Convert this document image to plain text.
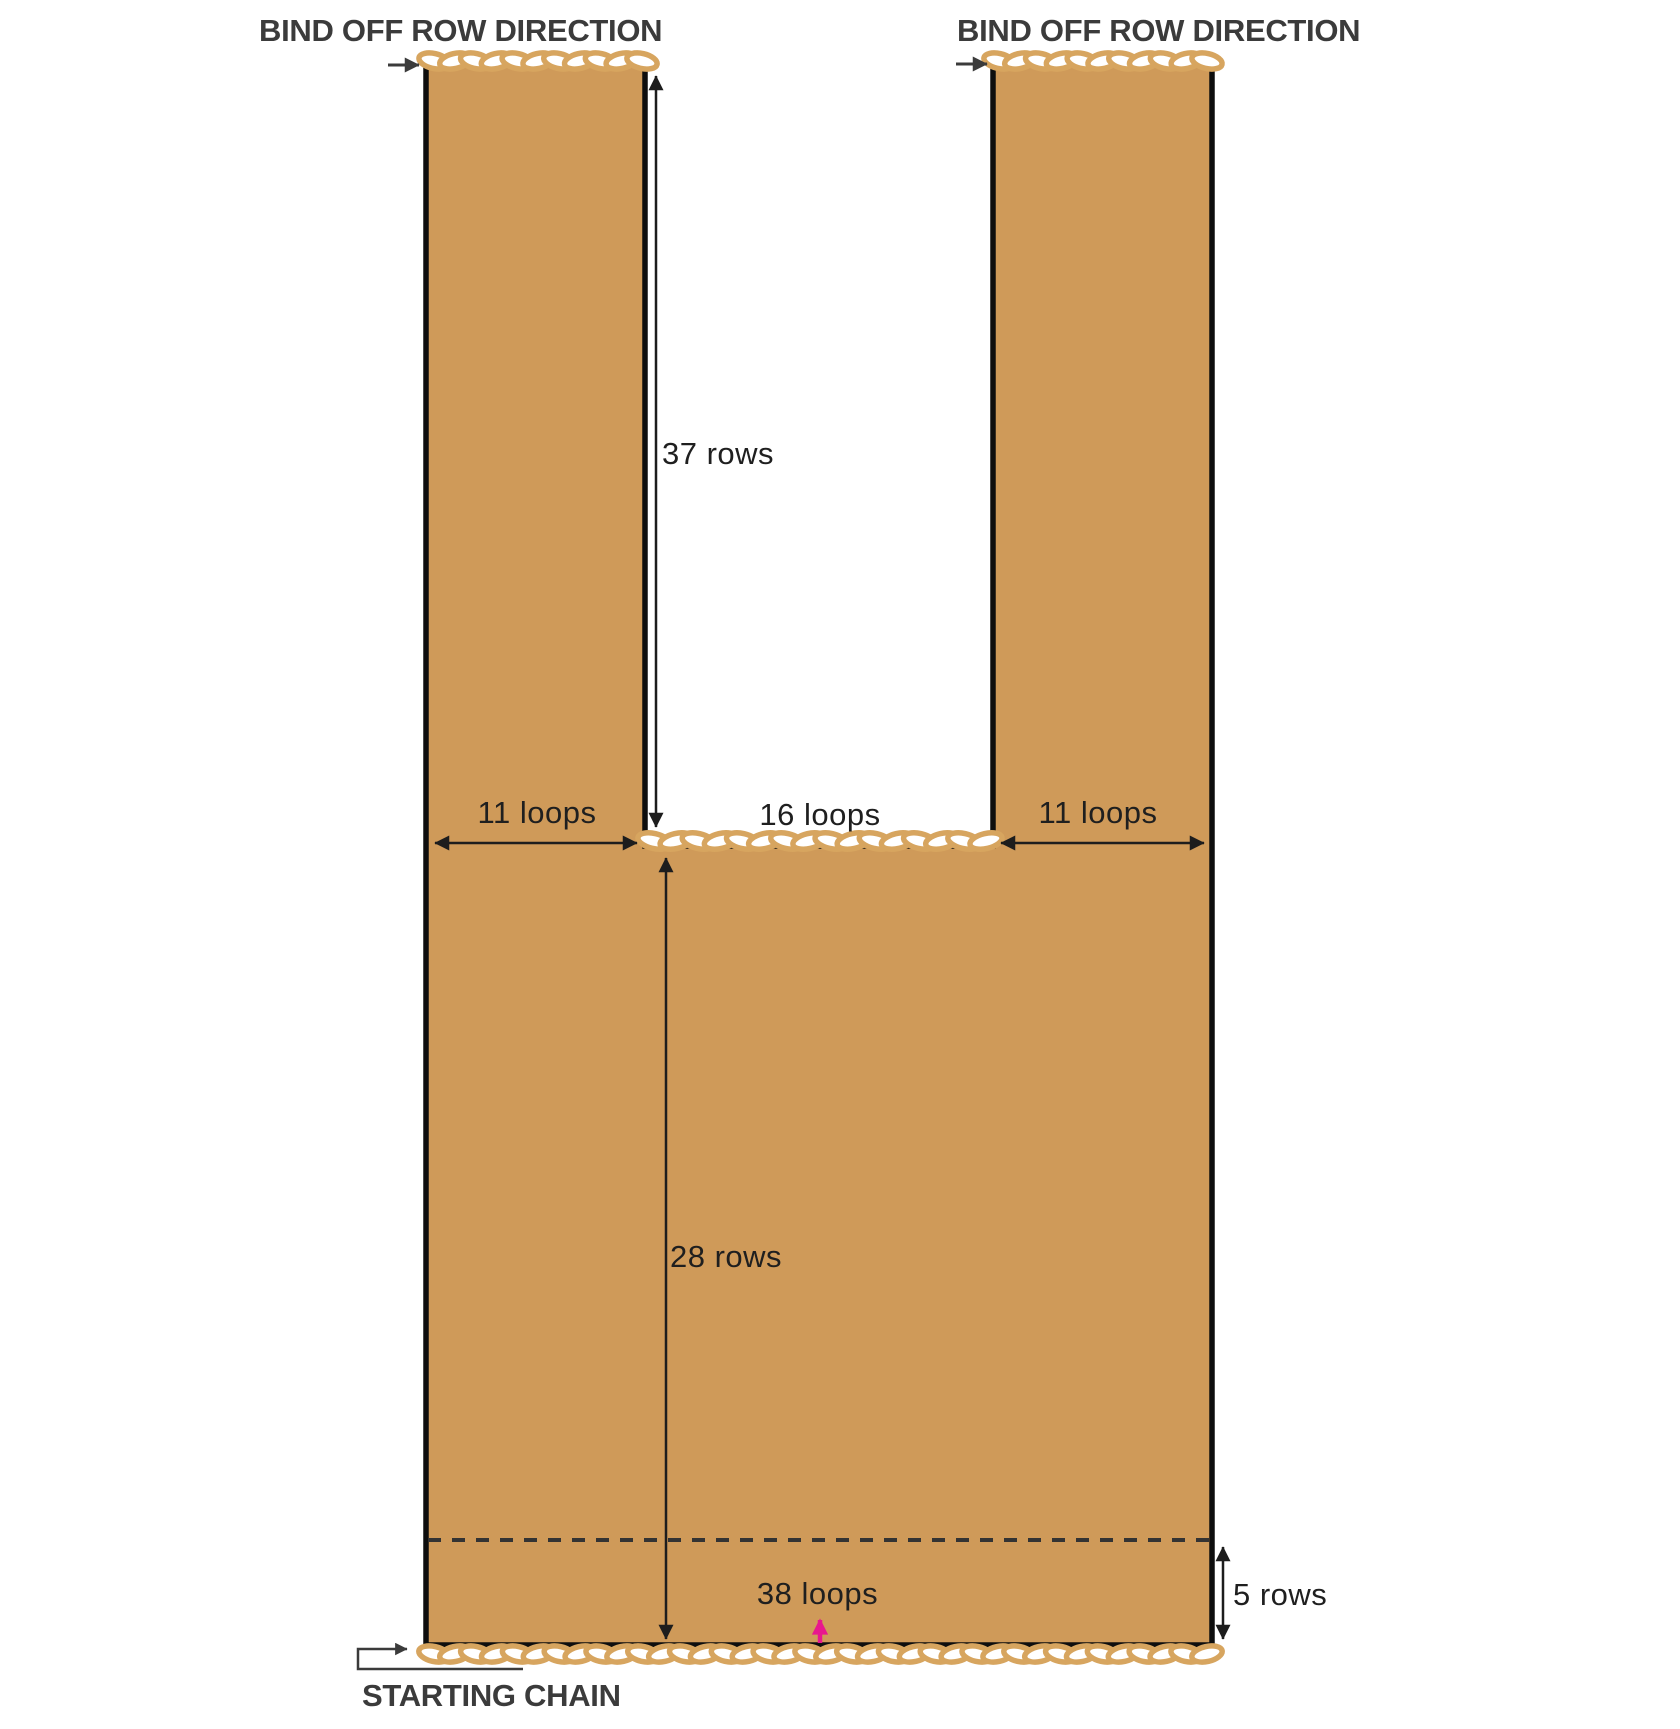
BIND OFF ROW DIRECTION	BIND OFF ROW DIRECTION
STARTING CHAIN
37 rows
11 loops	16 loops	11 loops
28 rows
38 loops	5 rows
